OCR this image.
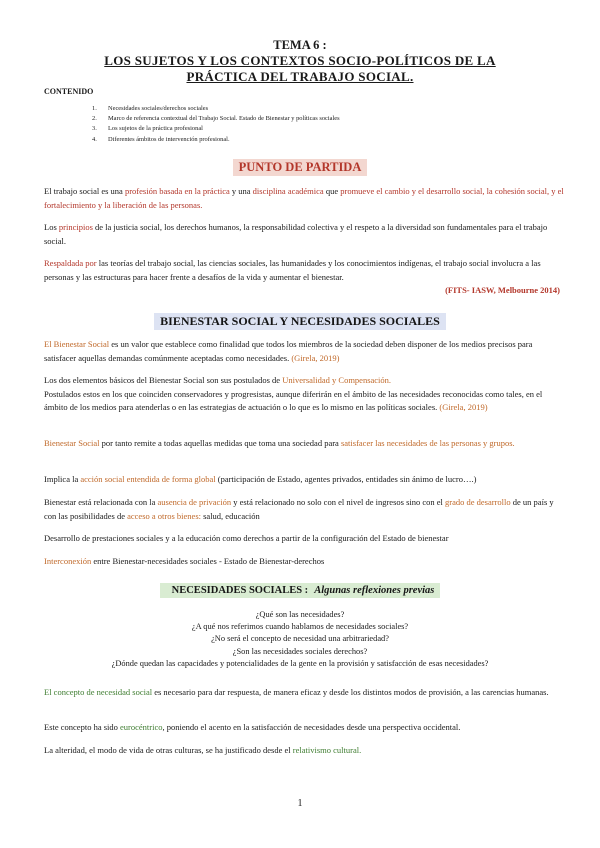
TEMA 6 :
LOS SUJETOS Y LOS CONTEXTOS SOCIO-POLÍTICOS DE LA
PRÁCTICA DEL TRABAJO SOCIAL.
CONTENIDO
1. Necesidades sociales/derechos sociales
2. Marco de referencia contextual del Trabajo Social. Estado de Bienestar y políticas sociales
3. Los sujetos de la práctica profesional
4. Diferentes ámbitos de intervención profesional.
PUNTO DE PARTIDA

El trabajo social es una profesión basada en la práctica y una disciplina académica que promueve el cambio y el desarrollo social, la cohesión social, y el fortalecimiento y la liberación de las personas.

Los principios de la justicia social, los derechos humanos, la responsabilidad colectiva y el respeto a la diversidad son fundamentales para el trabajo social.

Respaldada por las teorías del trabajo social, las ciencias sociales, las humanidades y los conocimientos indígenas, el trabajo social involucra a las personas y las estructuras para hacer frente a desafíos de la vida y aumentar el bienestar.

(FITS- IASW, Melbourne 2014)
BIENESTAR SOCIAL Y NECESIDADES SOCIALES

El Bienestar Social es un valor que establece como finalidad que todos los miembros de la sociedad deben disponer de los medios precisos para satisfacer aquellas demandas comúnmente aceptadas como necesidades. (Girela, 2019)

Los dos elementos básicos del Bienestar Social son sus postulados de Universalidad y Compensación.
Postulados estos en los que coinciden conservadores y progresistas, aunque diferirán en el ámbito de las necesidades reconocidas como tales, en el ámbito de los medios para atenderlas o en las estrategias de actuación o lo que es lo mismo en las políticas sociales. (Girela, 2019)

Bienestar Social por tanto remite a todas aquellas medidas que toma una sociedad para satisfacer las necesidades de las personas y grupos.

Implica la acción social entendida de forma global (participación de Estado, agentes privados, entidades sin ánimo de lucro….)

Bienestar está relacionada con la ausencia de privación y está relacionado no solo con el nivel de ingresos sino con el grado de desarrollo de un país y con las posibilidades de acceso a otros bienes: salud, educación

Desarrollo de prestaciones sociales y a la educación como derechos a partir de la configuración del Estado de bienestar

Interconexión entre Bienestar-necesidades sociales - Estado de Bienestar-derechos

NECESIDADES SOCIALES :Algunas reflexiones previas
¿Qué son las necesidades?
¿A qué nos referimos cuando hablamos de necesidades sociales?
¿No será el concepto de necesidad una arbitrariedad?
¿Son las necesidades sociales derechos?
¿Dónde quedan las capacidades y potencialidades de la gente en la provisión y satisfacción de esas necesidades?

El concepto de necesidad social es necesario para dar respuesta, de manera eficaz y desde los distintos modos de provisión, a las carencias humanas.

Este concepto ha sido eurocéntrico, poniendo el acento en la satisfacción de necesidades desde una perspectiva occidental.

La alteridad, el modo de vida de otras culturas, se ha justificado desde el relativismo cultural.

1
